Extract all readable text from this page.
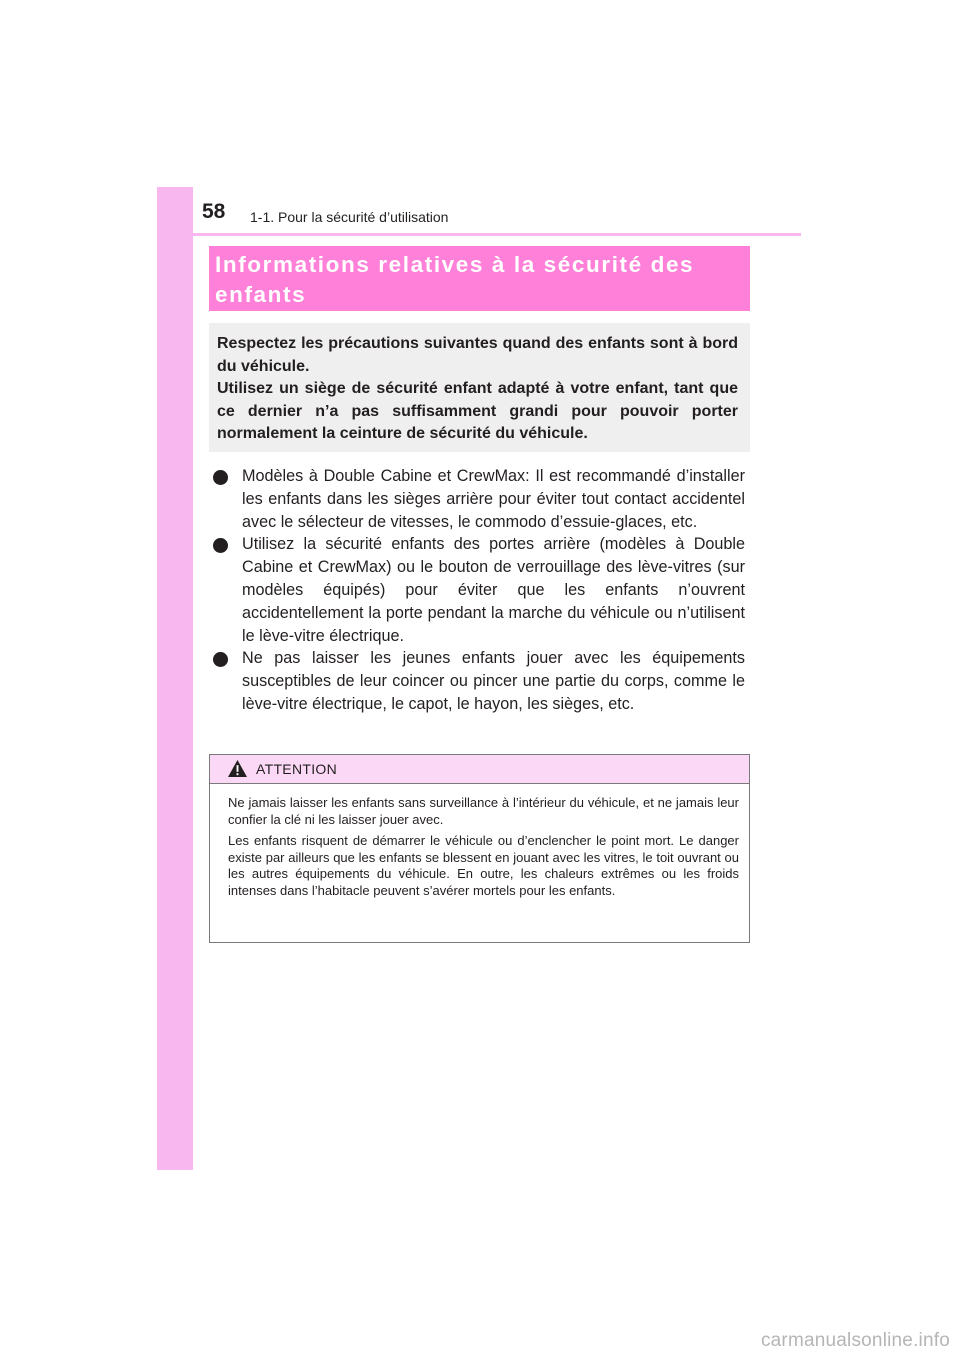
58 1-1. Pour la sécurité d’utilisation
Informations relatives à la sécurité des
enfants

Respectez les précautions suivantes quand des enfants sont à bord du véhicule.

Utilisez un siège de sécurité enfant adapté à votre enfant, tant que ce dernier n’a pas suffisamment grandi pour pouvoir porter normalement la ceinture de sécurité du véhicule.

Modèles à Double Cabine et CrewMax: Il est recommandé d’installer les enfants dans les sièges arrière pour éviter tout contact accidentel avec le sélecteur de vitesses, le commodo d’essuie-glaces, etc.
Utilisez la sécurité enfants des portes arrière (modèles à Double Cabine et CrewMax) ou le bouton de verrouillage des lève-vitres (sur modèles équipés) pour éviter que les enfants n’ouvrent accidentellement la porte pendant la marche du véhicule ou n’utilisent le lève-vitre électrique.
Ne pas laisser les jeunes enfants jouer avec les équipements susceptibles de leur coincer ou pincer une partie du corps, comme le lève-vitre électrique, le capot, le hayon, les sièges, etc.
ATTENTION

Ne jamais laisser les enfants sans surveillance à l’intérieur du véhicule, et ne jamais leur confier la clé ni les laisser jouer avec.

Les enfants risquent de démarrer le véhicule ou d’enclencher le point mort. Le danger existe par ailleurs que les enfants se blessent en jouant avec les vitres, le toit ouvrant ou les autres équipements du véhicule. En outre, les chaleurs extrêmes ou les froids intenses dans l’habitacle peuvent s’avérer mortels pour les enfants.

carmanualsonline.info
